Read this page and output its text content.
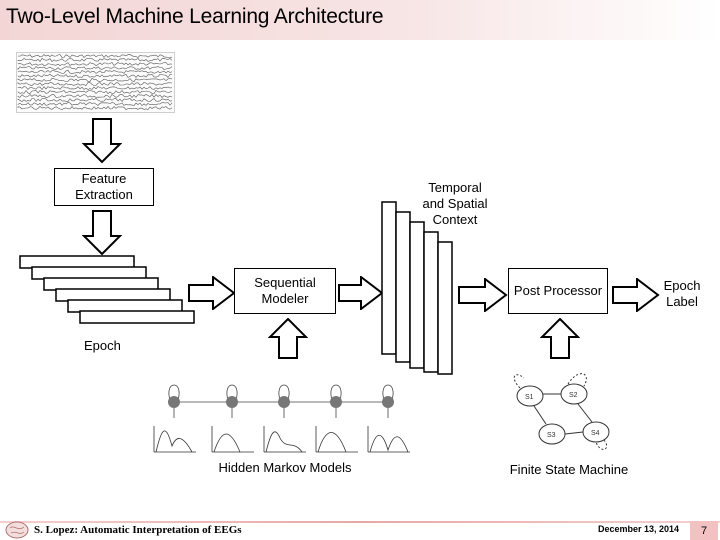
Two-Level Machine Learning Architecture
Feature Extraction
Epoch
Sequential Modeler
Temporal
and Spatial
Context
Post Processor	Epoch Label
Hidden Markov Models
S1	S2
S3	S4
Finite State Machine
S. Lopez: Automatic Interpretation of EEGs	December 13, 2014	7
